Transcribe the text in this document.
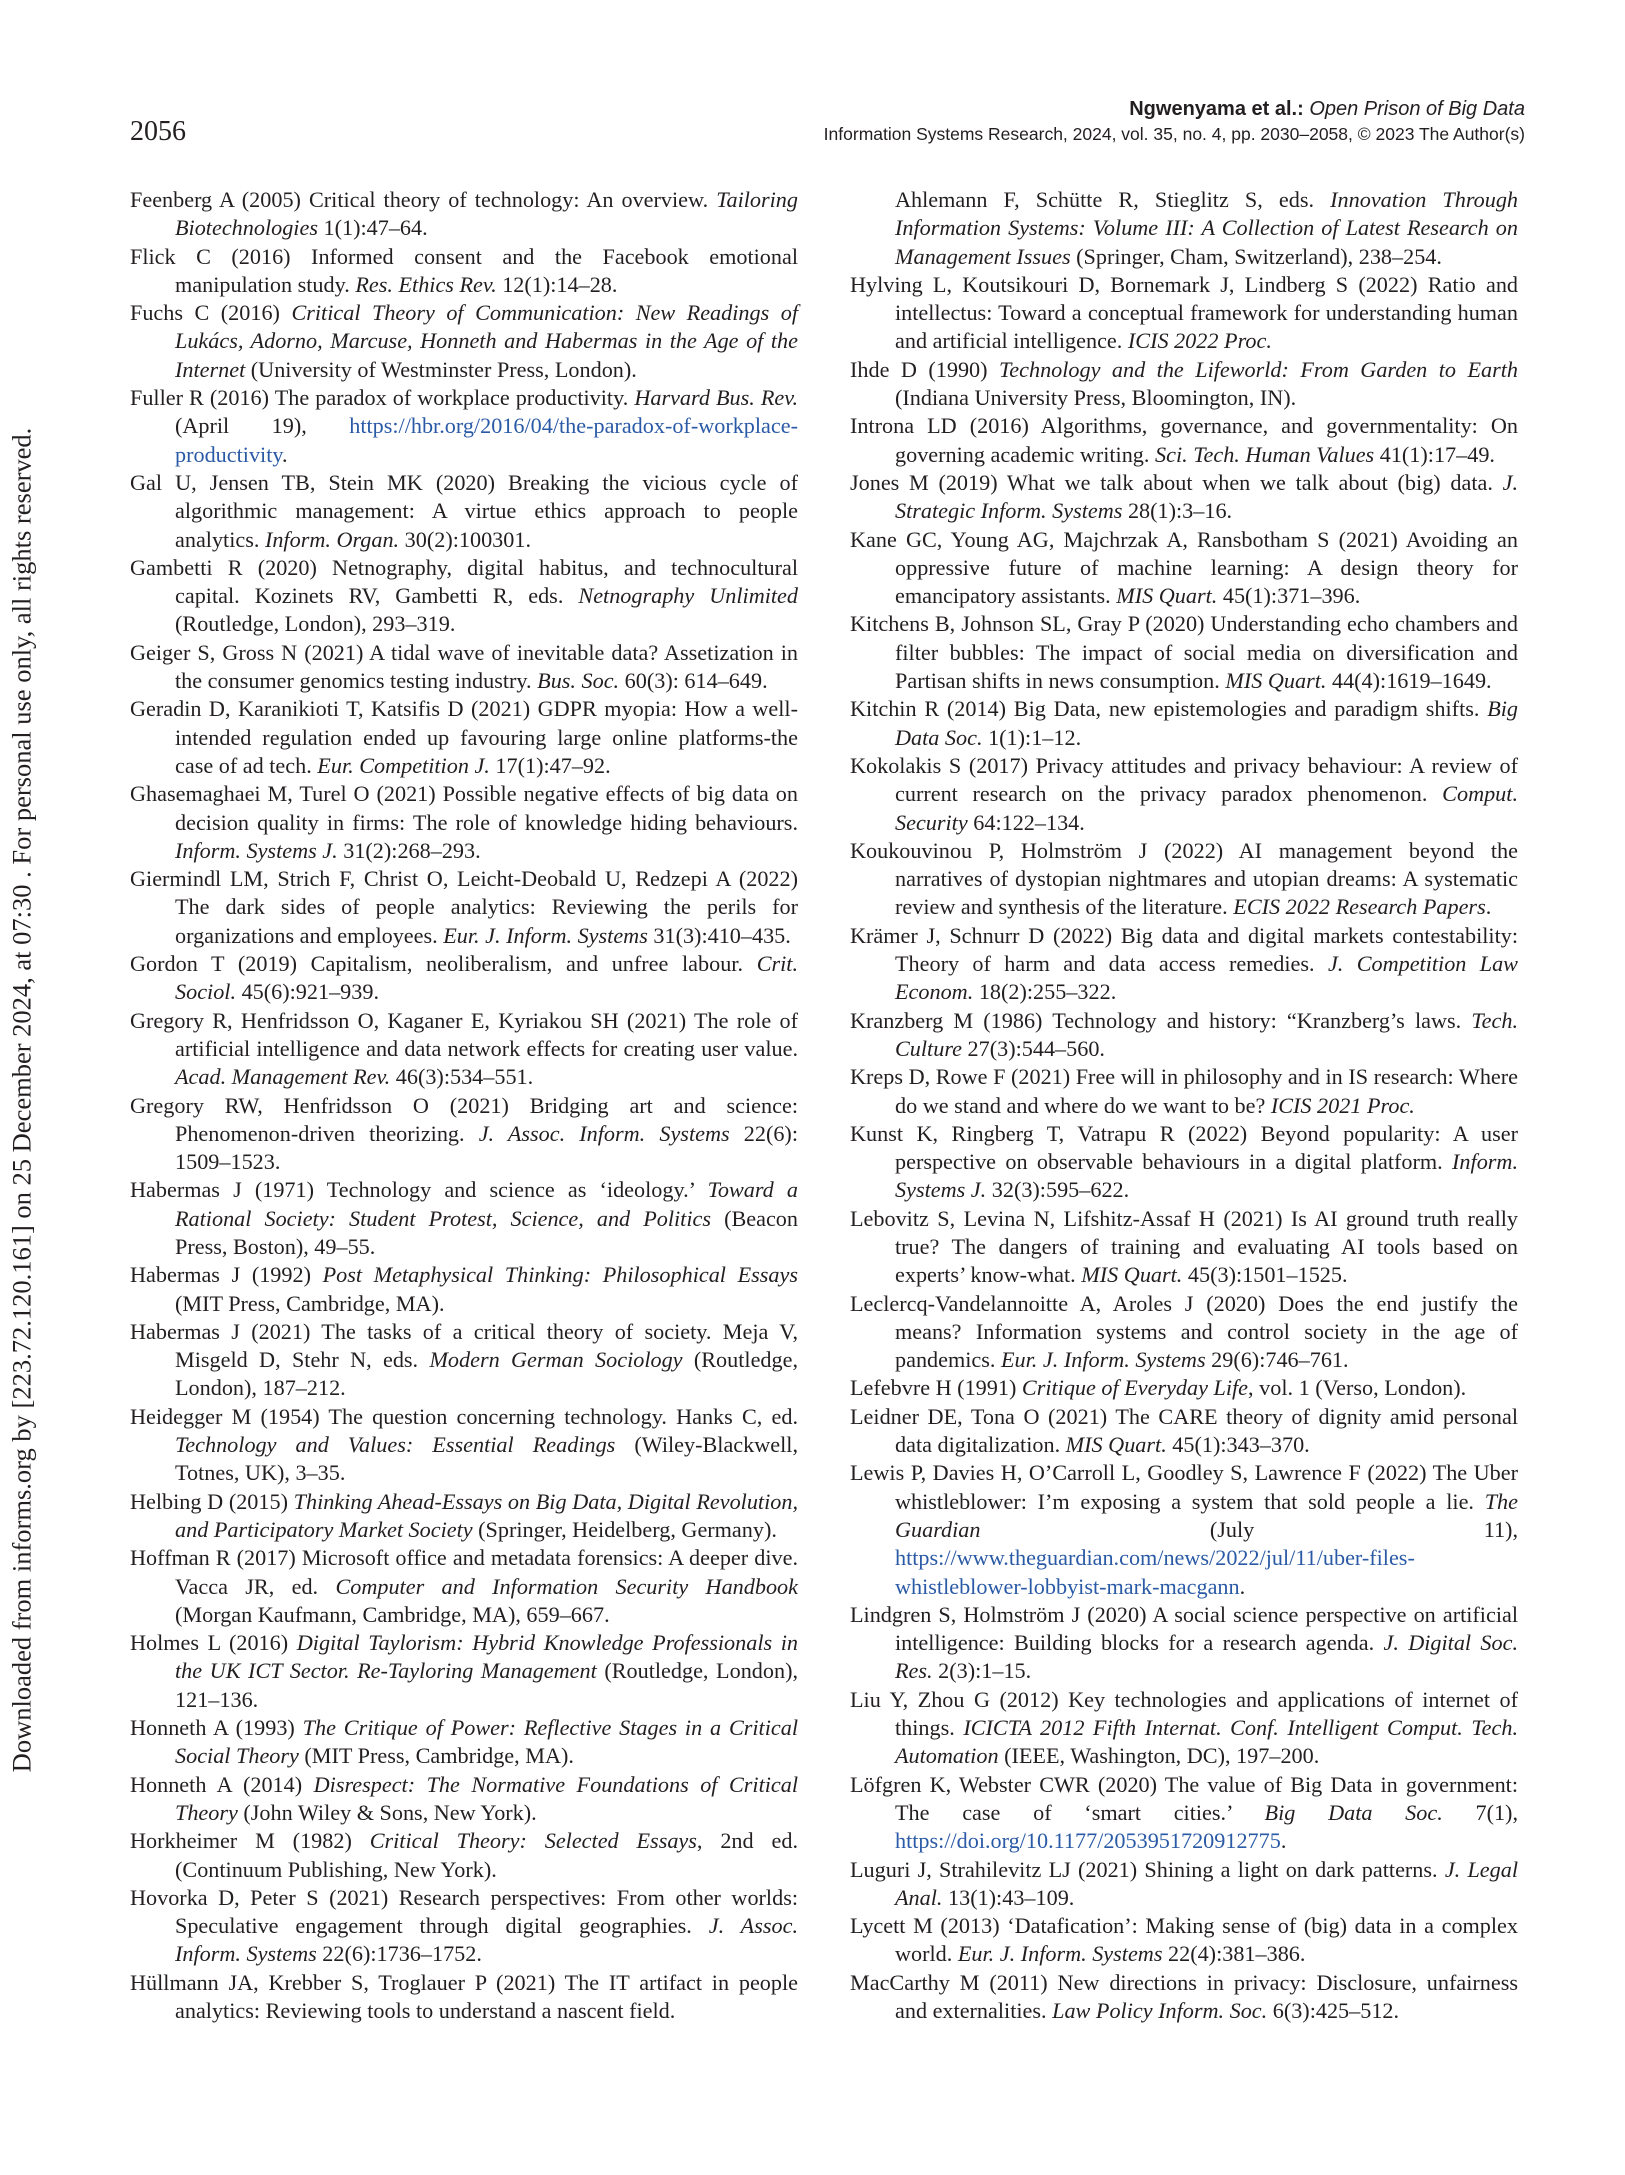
Downloaded from informs.org by [223.72.120.161] on 25 December 2024, at 07:30 . For personal use only, all rights reserved.
2056
Ngwenyama et al.: Open Prison of Big Data
Information Systems Research, 2024, vol. 35, no. 4, pp. 2030–2058, © 2023 The Author(s)

Feenberg A (2005) Critical theory of technology: An overview. Tailoring Biotechnologies 1(1):47–64.

Flick C (2016) Informed consent and the Facebook emotional manipulation study. Res. Ethics Rev. 12(1):14–28.

Fuchs C (2016) Critical Theory of Communication: New Readings of Lukács, Adorno, Marcuse, Honneth and Habermas in the Age of the Internet (University of Westminster Press, London).

Fuller R (2016) The paradox of workplace productivity. Harvard Bus. Rev. (April 19), https://hbr.org/2016/04/the-paradox-of-workplace-productivity.

Gal U, Jensen TB, Stein MK (2020) Breaking the vicious cycle of algorithmic management: A virtue ethics approach to people analytics. Inform. Organ. 30(2):100301.

Gambetti R (2020) Netnography, digital habitus, and technocultural capital. Kozinets RV, Gambetti R, eds. Netnography Unlimited (Routledge, London), 293–319.

Geiger S, Gross N (2021) A tidal wave of inevitable data? Assetization in the consumer genomics testing industry. Bus. Soc. 60(3): 614–649.

Geradin D, Karanikioti T, Katsifis D (2021) GDPR myopia: How a well-intended regulation ended up favouring large online platforms-the case of ad tech. Eur. Competition J. 17(1):47–92.

Ghasemaghaei M, Turel O (2021) Possible negative effects of big data on decision quality in firms: The role of knowledge hiding behaviours. Inform. Systems J. 31(2):268–293.

Giermindl LM, Strich F, Christ O, Leicht-Deobald U, Redzepi A (2022) The dark sides of people analytics: Reviewing the perils for organizations and employees. Eur. J. Inform. Systems 31(3):410–435.

Gordon T (2019) Capitalism, neoliberalism, and unfree labour. Crit. Sociol. 45(6):921–939.

Gregory R, Henfridsson O, Kaganer E, Kyriakou SH (2021) The role of artificial intelligence and data network effects for creating user value. Acad. Management Rev. 46(3):534–551.

Gregory RW, Henfridsson O (2021) Bridging art and science: Phenomenon-driven theorizing. J. Assoc. Inform. Systems 22(6): 1509–1523.

Habermas J (1971) Technology and science as ‘ideology.’ Toward a Rational Society: Student Protest, Science, and Politics (Beacon Press, Boston), 49–55.

Habermas J (1992) Post Metaphysical Thinking: Philosophical Essays (MIT Press, Cambridge, MA).

Habermas J (2021) The tasks of a critical theory of society. Meja V, Misgeld D, Stehr N, eds. Modern German Sociology (Routledge, London), 187–212.

Heidegger M (1954) The question concerning technology. Hanks C, ed. Technology and Values: Essential Readings (Wiley-Blackwell, Totnes, UK), 3–35.

Helbing D (2015) Thinking Ahead-Essays on Big Data, Digital Revolution, and Participatory Market Society (Springer, Heidelberg, Germany).

Hoffman R (2017) Microsoft office and metadata forensics: A deeper dive. Vacca JR, ed. Computer and Information Security Handbook (Morgan Kaufmann, Cambridge, MA), 659–667.

Holmes L (2016) Digital Taylorism: Hybrid Knowledge Professionals in the UK ICT Sector. Re-Tayloring Management (Routledge, London), 121–136.

Honneth A (1993) The Critique of Power: Reflective Stages in a Critical Social Theory (MIT Press, Cambridge, MA).

Honneth A (2014) Disrespect: The Normative Foundations of Critical Theory (John Wiley & Sons, New York).

Horkheimer M (1982) Critical Theory: Selected Essays, 2nd ed. (Continuum Publishing, New York).

Hovorka D, Peter S (2021) Research perspectives: From other worlds: Speculative engagement through digital geographies. J. Assoc. Inform. Systems 22(6):1736–1752.

Hüllmann JA, Krebber S, Troglauer P (2021) The IT artifact in people analytics: Reviewing tools to understand a nascent field.

Ahlemann F, Schütte R, Stieglitz S, eds. Innovation Through Information Systems: Volume III: A Collection of Latest Research on Management Issues (Springer, Cham, Switzerland), 238–254.

Hylving L, Koutsikouri D, Bornemark J, Lindberg S (2022) Ratio and intellectus: Toward a conceptual framework for understanding human and artificial intelligence. ICIS 2022 Proc.

Ihde D (1990) Technology and the Lifeworld: From Garden to Earth (Indiana University Press, Bloomington, IN).

Introna LD (2016) Algorithms, governance, and governmentality: On governing academic writing. Sci. Tech. Human Values 41(1):17–49.

Jones M (2019) What we talk about when we talk about (big) data. J. Strategic Inform. Systems 28(1):3–16.

Kane GC, Young AG, Majchrzak A, Ransbotham S (2021) Avoiding an oppressive future of machine learning: A design theory for emancipatory assistants. MIS Quart. 45(1):371–396.

Kitchens B, Johnson SL, Gray P (2020) Understanding echo chambers and filter bubbles: The impact of social media on diversification and Partisan shifts in news consumption. MIS Quart. 44(4):1619–1649.

Kitchin R (2014) Big Data, new epistemologies and paradigm shifts. Big Data Soc. 1(1):1–12.

Kokolakis S (2017) Privacy attitudes and privacy behaviour: A review of current research on the privacy paradox phenomenon. Comput. Security 64:122–134.

Koukouvinou P, Holmström J (2022) AI management beyond the narratives of dystopian nightmares and utopian dreams: A systematic review and synthesis of the literature. ECIS 2022 Research Papers.

Krämer J, Schnurr D (2022) Big data and digital markets contestability: Theory of harm and data access remedies. J. Competition Law Econom. 18(2):255–322.

Kranzberg M (1986) Technology and history: “Kranzberg’s laws. Tech. Culture 27(3):544–560.

Kreps D, Rowe F (2021) Free will in philosophy and in IS research: Where do we stand and where do we want to be? ICIS 2021 Proc.

Kunst K, Ringberg T, Vatrapu R (2022) Beyond popularity: A user perspective on observable behaviours in a digital platform. Inform. Systems J. 32(3):595–622.

Lebovitz S, Levina N, Lifshitz-Assaf H (2021) Is AI ground truth really true? The dangers of training and evaluating AI tools based on experts’ know-what. MIS Quart. 45(3):1501–1525.

Leclercq-Vandelannoitte A, Aroles J (2020) Does the end justify the means? Information systems and control society in the age of pandemics. Eur. J. Inform. Systems 29(6):746–761.

Lefebvre H (1991) Critique of Everyday Life, vol. 1 (Verso, London).

Leidner DE, Tona O (2021) The CARE theory of dignity amid personal data digitalization. MIS Quart. 45(1):343–370.

Lewis P, Davies H, O’Carroll L, Goodley S, Lawrence F (2022) The Uber whistleblower: I’m exposing a system that sold people a lie. The Guardian (July 11), https://www.theguardian.com/news/2022/jul/11/uber-files-whistleblower-lobbyist-mark-macgann.

Lindgren S, Holmström J (2020) A social science perspective on artificial intelligence: Building blocks for a research agenda. J. Digital Soc. Res. 2(3):1–15.

Liu Y, Zhou G (2012) Key technologies and applications of internet of things. ICICTA 2012 Fifth Internat. Conf. Intelligent Comput. Tech. Automation (IEEE, Washington, DC), 197–200.

Löfgren K, Webster CWR (2020) The value of Big Data in government: The case of ‘smart cities.’ Big Data Soc. 7(1), https://doi.org/10.1177/2053951720912775.

Luguri J, Strahilevitz LJ (2021) Shining a light on dark patterns. J. Legal Anal. 13(1):43–109.

Lycett M (2013) ‘Datafication’: Making sense of (big) data in a complex world. Eur. J. Inform. Systems 22(4):381–386.

MacCarthy M (2011) New directions in privacy: Disclosure, unfairness and externalities. Law Policy Inform. Soc. 6(3):425–512.
